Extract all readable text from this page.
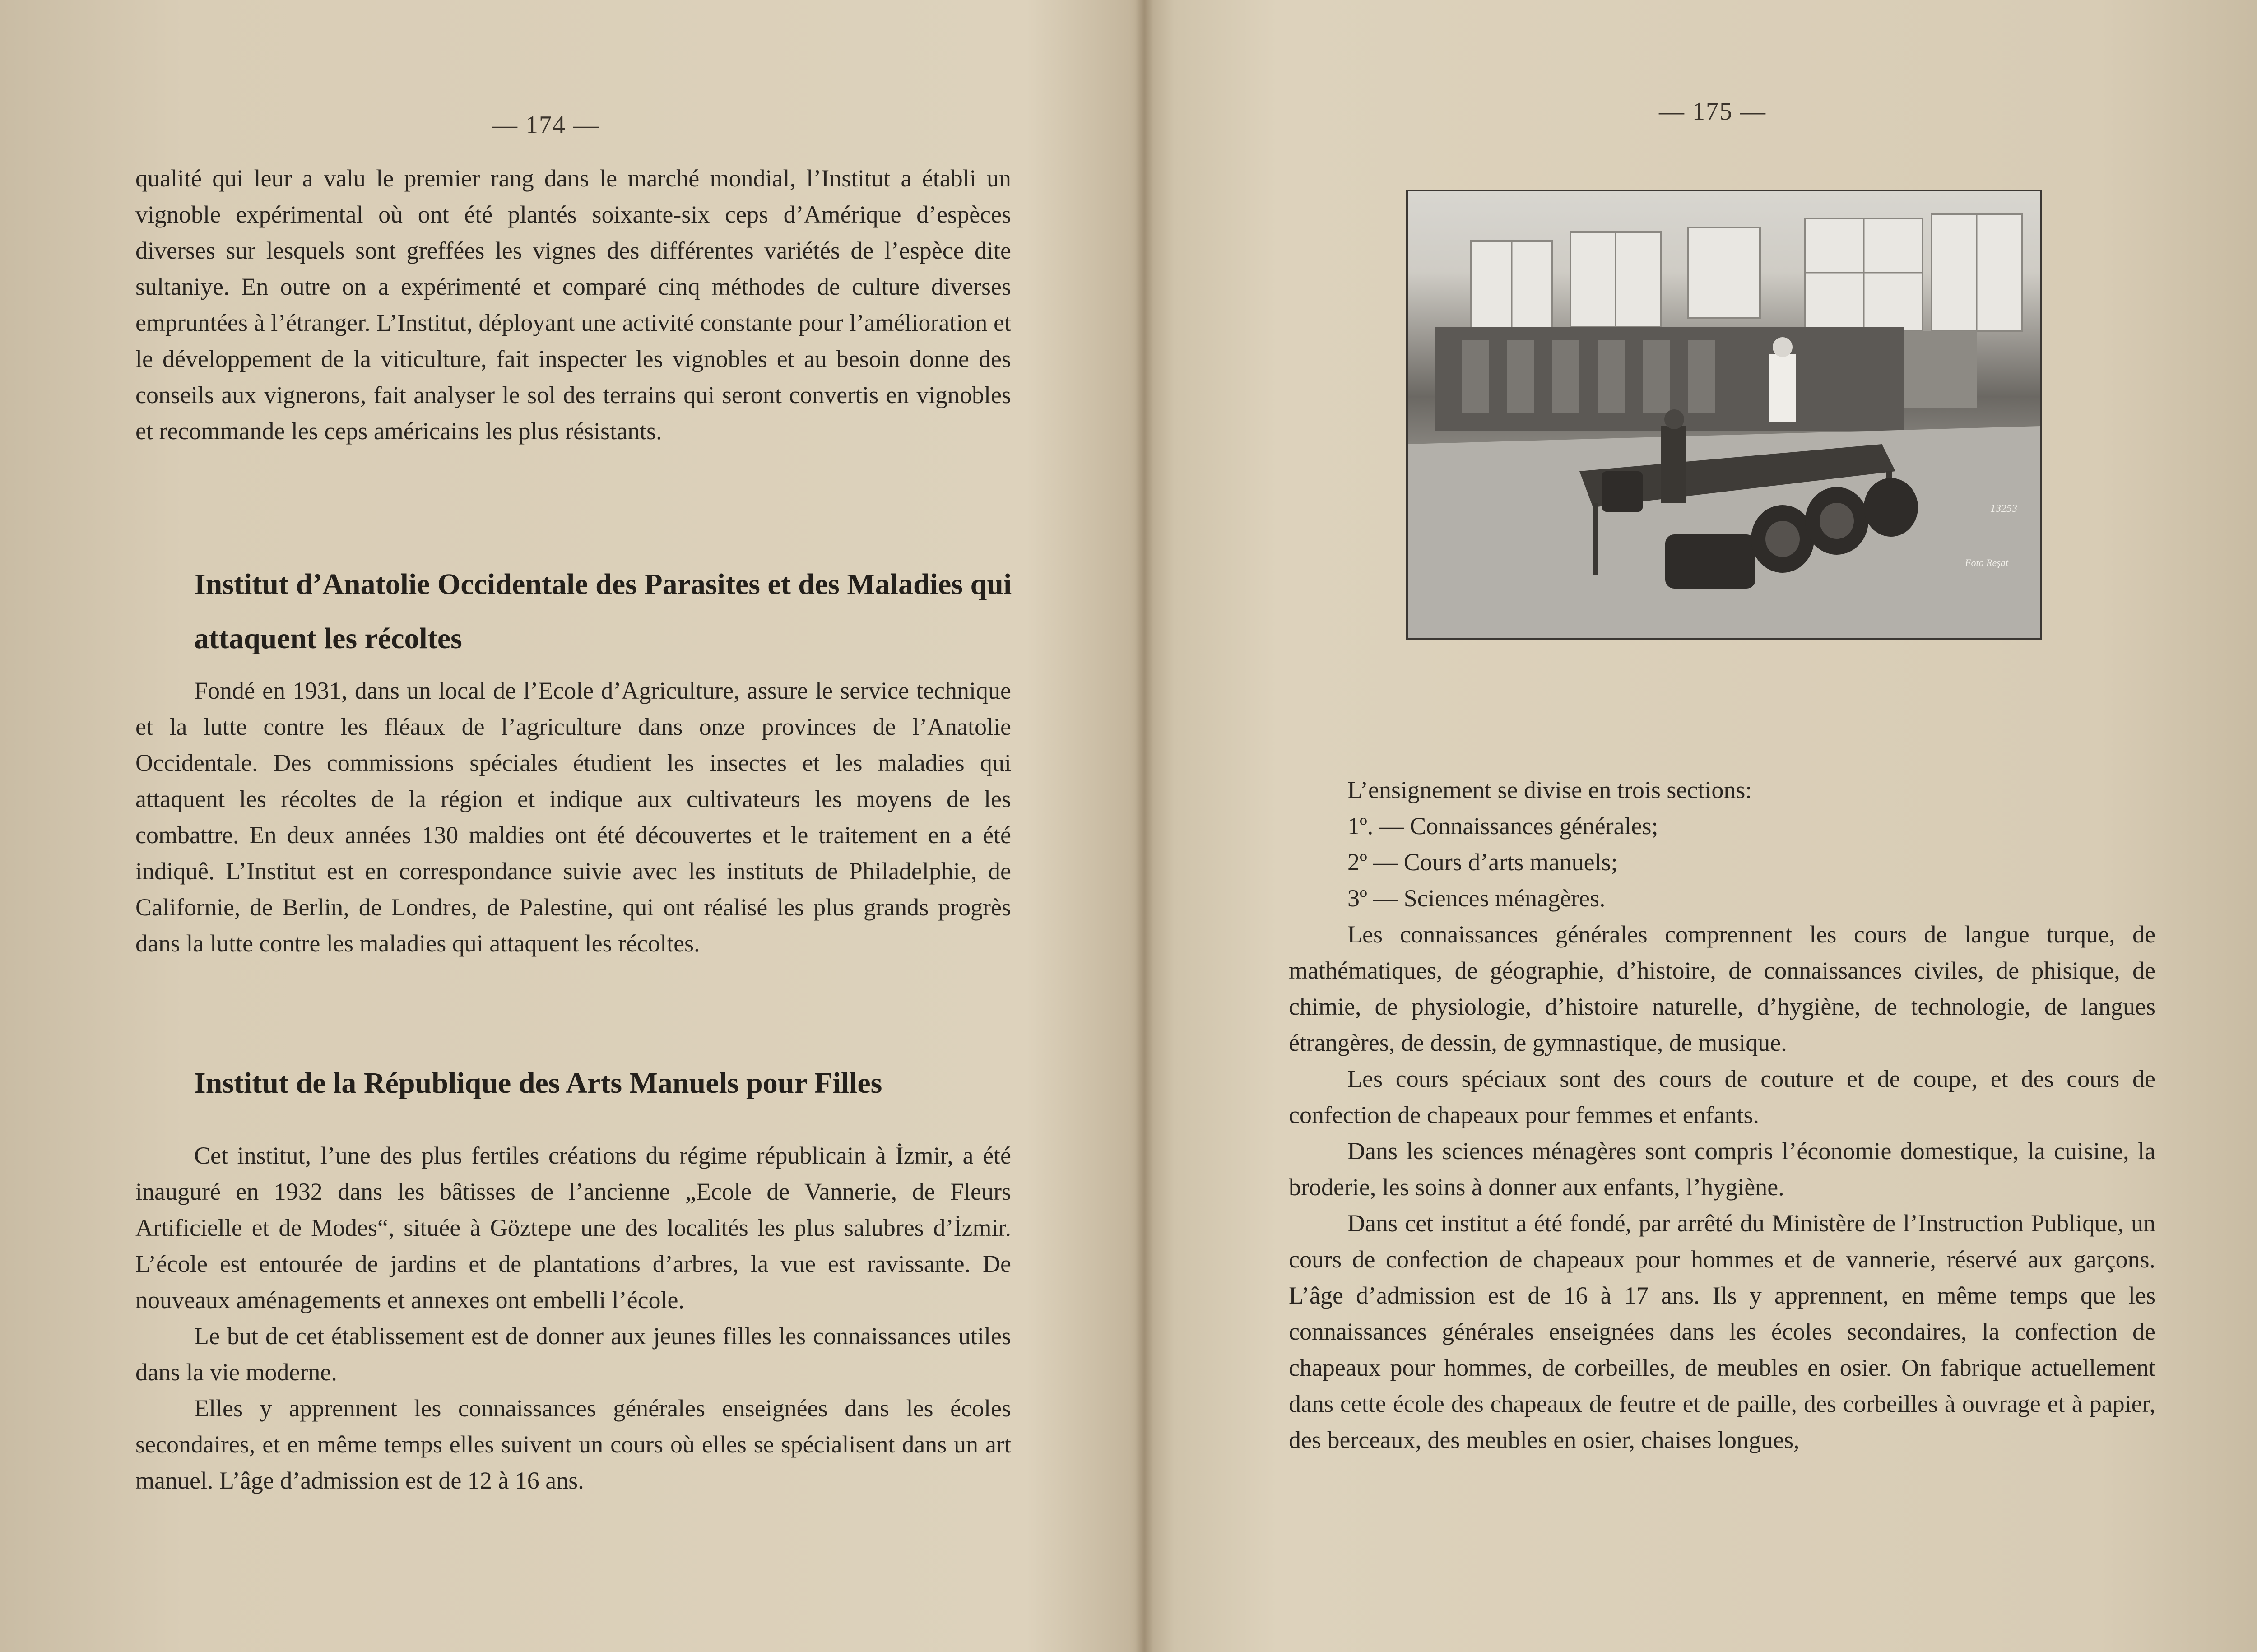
— 174 —

qualité qui leur a valu le premier rang dans le marché mondial, l’Institut a établi un vignoble expérimental où ont été plantés soixante-six ceps d’Amérique d’espèces diverses sur lesquels sont greffées les vignes des différentes variétés de l’espèce dite sultaniye. En outre on a expérimenté et comparé cinq méthodes de culture diverses empruntées à l’étranger. L’Institut, déployant une activité constante pour l’amélioration et le développement de la viticulture, fait inspecter les vignobles et au besoin donne des conseils aux vignerons, fait analyser le sol des terrains qui seront convertis en vignobles et recommande les ceps américains les plus résistants.

Institut d’Anatolie Occidentale des Parasites et des Maladies qui attaquent les récoltes

Fondé en 1931, dans un local de l’Ecole d’Agriculture, assure le service technique et la lutte contre les fléaux de l’agriculture dans onze provinces de l’Anatolie Occidentale. Des commissions spéciales étudient les insectes et les maladies qui attaquent les récoltes de la région et indique aux cultivateurs les moyens de les combattre. En deux années 130 maldies ont été découvertes et le traitement en a été indiquê. L’Institut est en correspondance suivie avec les instituts de Philadelphie, de Californie, de Berlin, de Londres, de Palestine, qui ont réalisé les plus grands progrès dans la lutte contre les maladies qui attaquent les récoltes.

Institut de la République des Arts Manuels pour Filles

Cet institut, l’une des plus fertiles créations du régime républicain à İzmir, a été inauguré en 1932 dans les bâtisses de l’ancienne „Ecole de Vannerie, de Fleurs Artificielle et de Modes“, située à Göztepe une des localités les plus salubres d’İzmir. L’école est entourée de jardins et de plantations d’arbres, la vue est ravissante. De nouveaux aménagements et annexes ont embelli l’école.

Le but de cet établissement est de donner aux jeunes filles les connaissances utiles dans la vie moderne.

Elles y apprennent les connaissances générales enseignées dans les écoles secondaires, et en même temps elles suivent un cours où elles se spécialisent dans un art manuel. L’âge d’admission est de 12 à 16 ans.

— 175 —
13253
Foto Reşat

L’ensignement se divise en trois sections:

1º. — Connaissances générales;

2º — Cours d’arts manuels;

3º — Sciences ménagères.

Les connaissances générales comprennent les cours de langue turque, de mathématiques, de géographie, d’histoire, de connaissances civiles, de phisique, de chimie, de physiologie, d’histoire naturelle, d’hygiène, de technologie, de langues étrangères, de dessin, de gymnastique, de musique.

Les cours spéciaux sont des cours de couture et de coupe, et des cours de confection de chapeaux pour femmes et enfants.

Dans les sciences ménagères sont compris l’économie domestique, la cuisine, la broderie, les soins à donner aux enfants, l’hygiène.

Dans cet institut a été fondé, par arrêté du Ministère de l’Instruction Publique, un cours de confection de chapeaux pour hommes et de vannerie, réservé aux garçons. L’âge d’admission est de 16 à 17 ans. Ils y apprennent, en même temps que les connaissances générales enseignées dans les écoles secondaires, la confection de chapeaux pour hommes, de corbeilles, de meubles en osier. On fabrique actuellement dans cette école des chapeaux de feutre et de paille, des corbeilles à ouvrage et à papier, des berceaux, des meubles en osier, chaises longues,
